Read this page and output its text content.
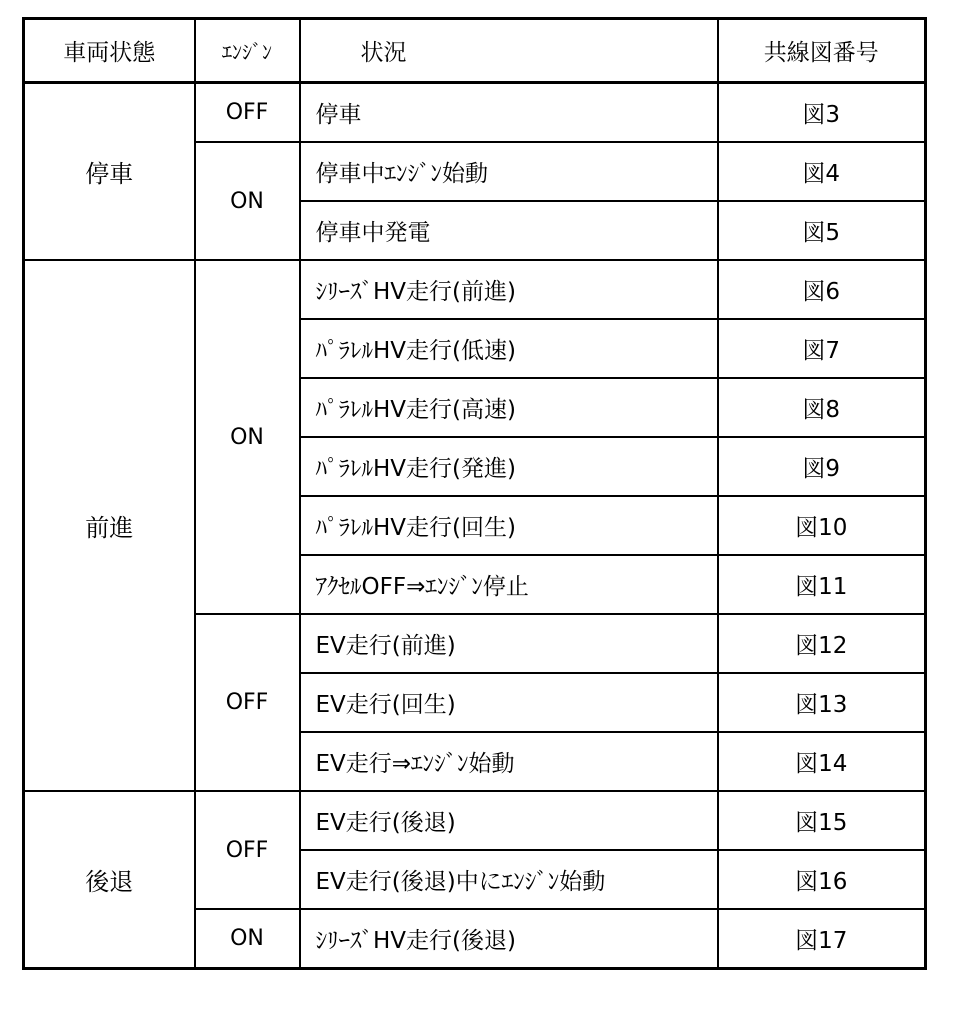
車両状態	ｴﾝｼﾞﾝ	状況	共線図番号
停車	OFF	停車	図3
	ON	停車中ｴﾝｼﾞﾝ始動	図4
		停車中発電	図5
前進	ON	ｼﾘｰｽﾞHV走行(前進)	図6
		ﾊﾟﾗﾚﾙHV走行(低速)	図7
		ﾊﾟﾗﾚﾙHV走行(高速)	図8
		ﾊﾟﾗﾚﾙHV走行(発進)	図9
		ﾊﾟﾗﾚﾙHV走行(回生)	図10
		ｱｸｾﾙOFF⇒ｴﾝｼﾞﾝ停止	図11
	OFF	EV走行(前進)	図12
		EV走行(回生)	図13
		EV走行⇒ｴﾝｼﾞﾝ始動	図14
後退	OFF	EV走行(後退)	図15
		EV走行(後退)中にｴﾝｼﾞﾝ始動	図16
	ON	ｼﾘｰｽﾞHV走行(後退)	図17
